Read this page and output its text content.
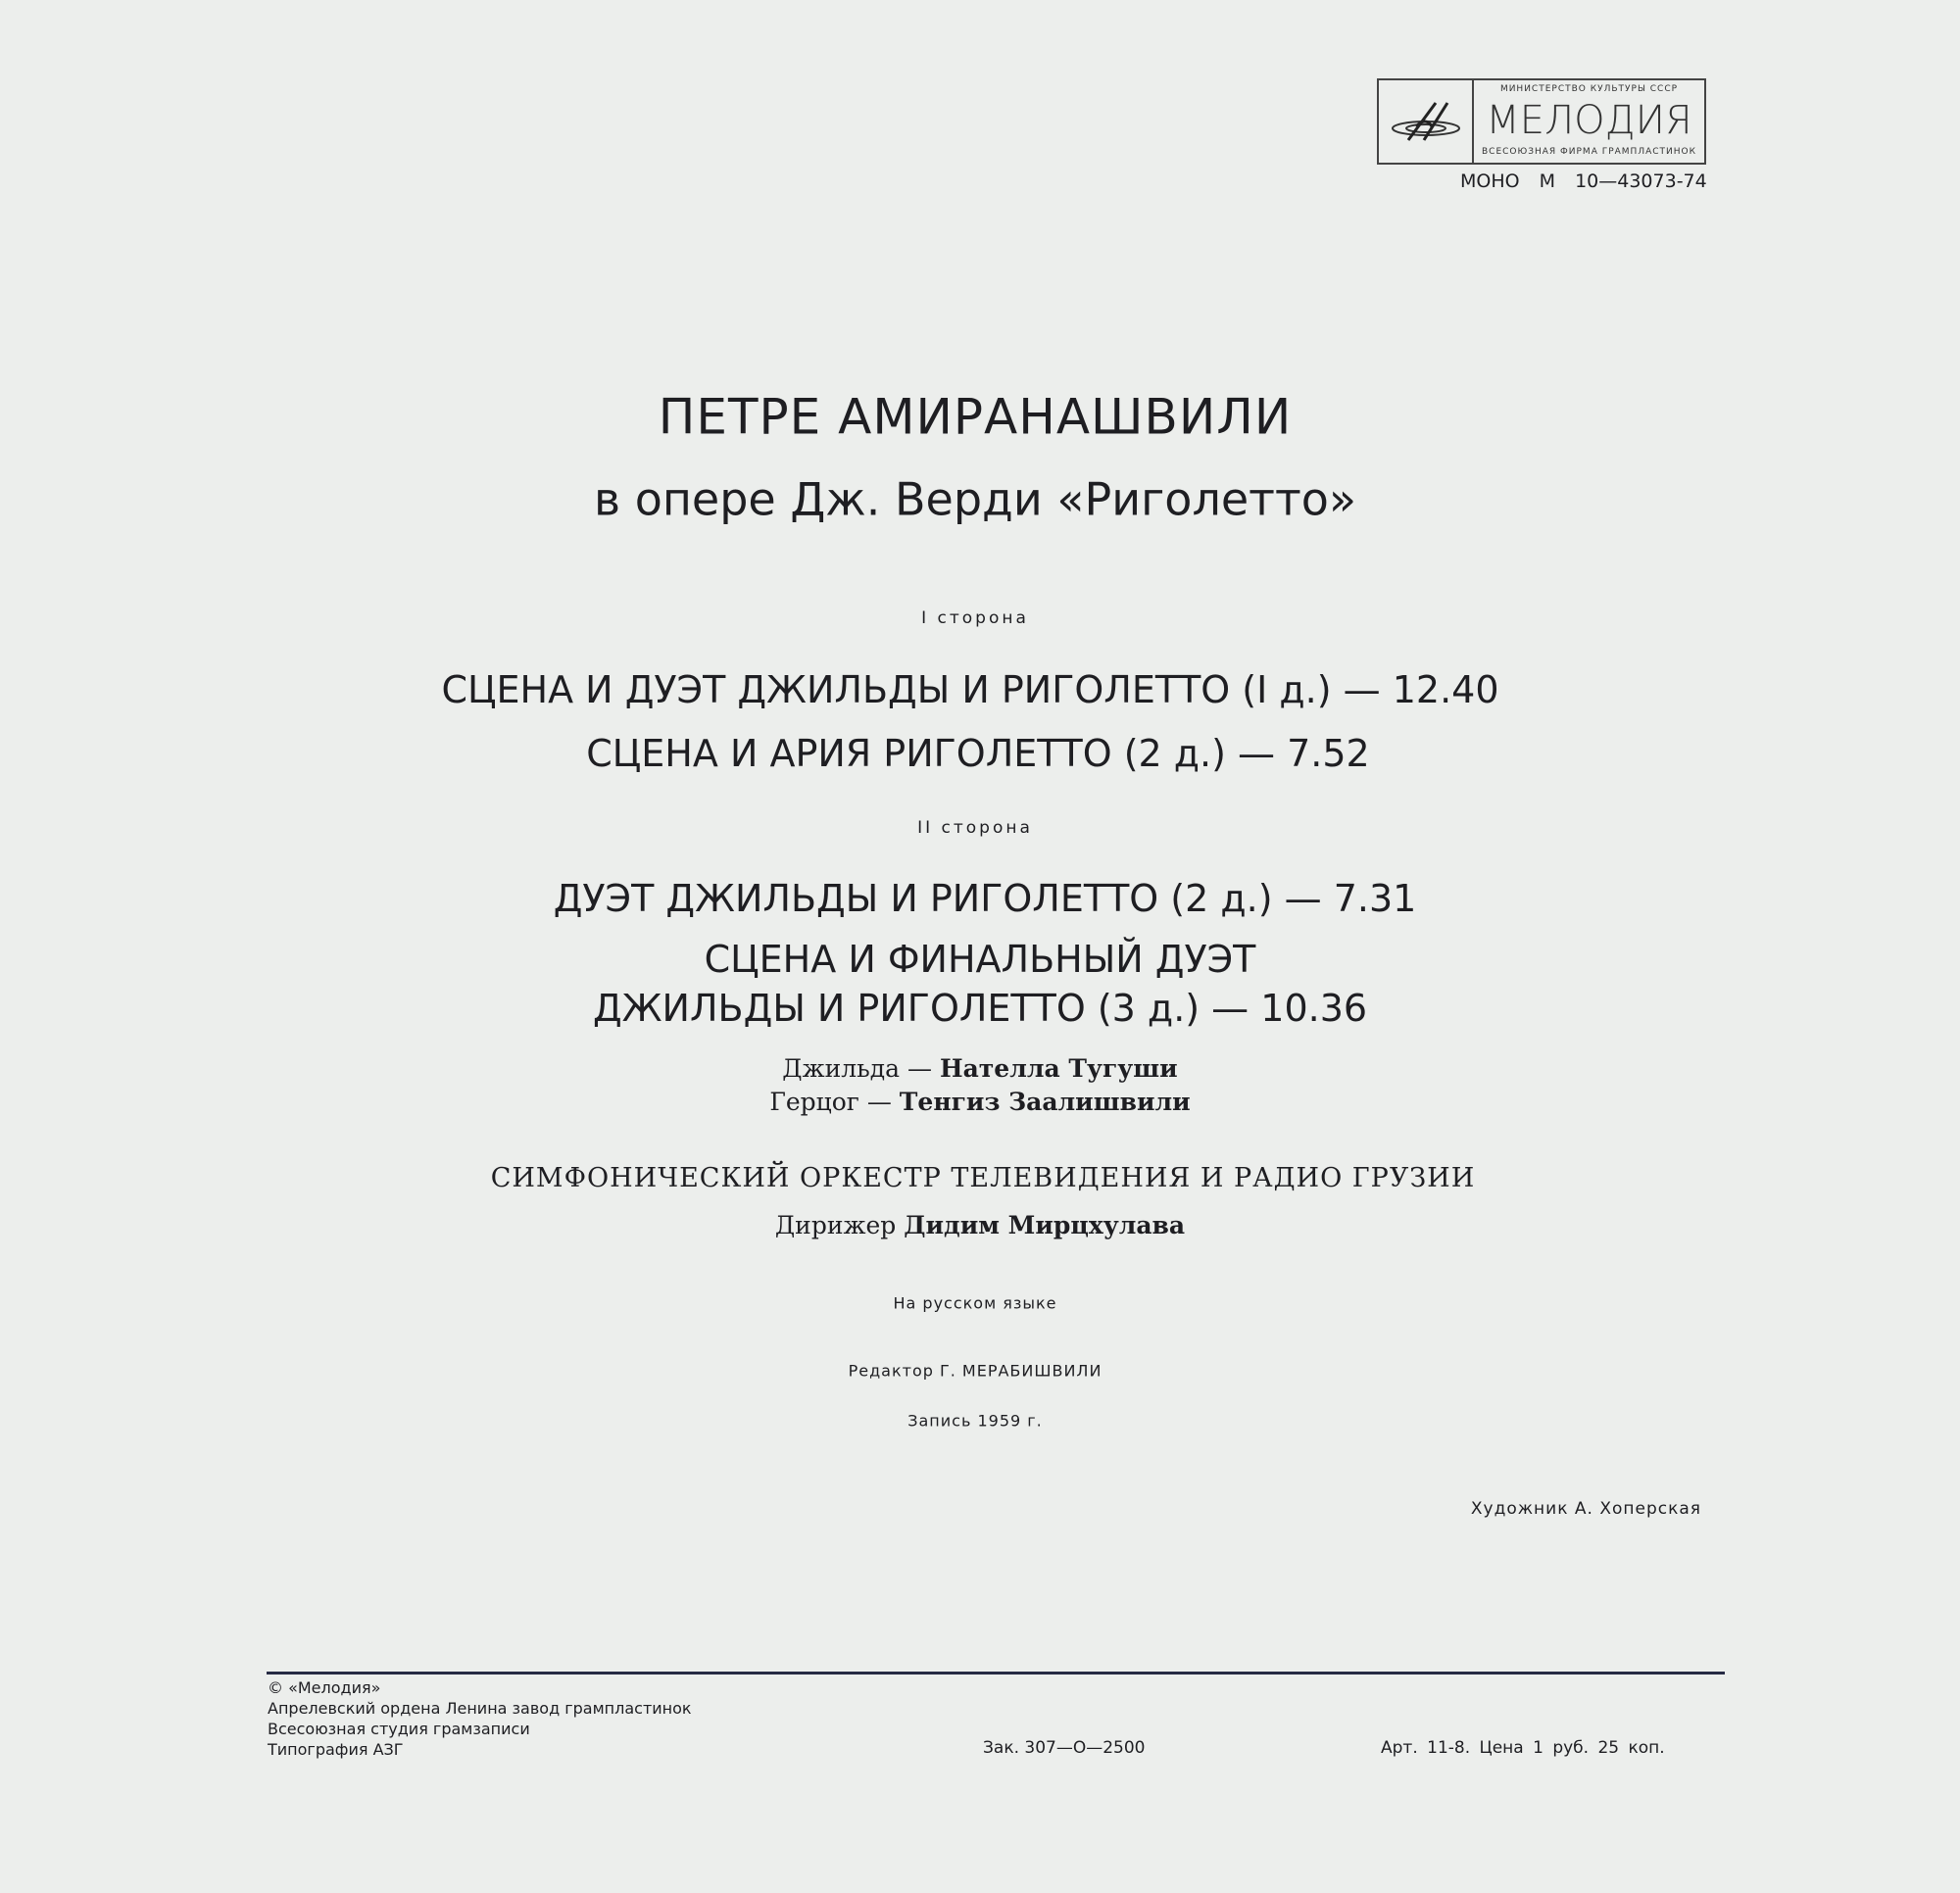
МИНИСТЕРСТВО КУЛЬТУРЫ СССР
МЕЛОДИЯ
ВСЕСОЮЗНАЯ ФИРМА ГРАМПЛАСТИНОК
МОНО М 10—43073-74
ПЕТРЕ АМИРАНАШВИЛИ
в опере Дж. Верди «Риголетто»
I сторона
СЦЕНА И ДУЭТ ДЖИЛЬДЫ И РИГОЛЕТТО (I д.) — 12.40
СЦЕНА И АРИЯ РИГОЛЕТТО (2 д.) — 7.52
II сторона
ДУЭТ ДЖИЛЬДЫ И РИГОЛЕТТО (2 д.) — 7.31
СЦЕНА И ФИНАЛЬНЫЙ ДУЭТ
ДЖИЛЬДЫ И РИГОЛЕТТО (3 д.) — 10.36
Джильда — Нателла Тугуши
Герцог — Тенгиз Заалишвили
СИМФОНИЧЕСКИЙ ОРКЕСТР ТЕЛЕВИДЕНИЯ И РАДИО ГРУЗИИ
Дирижер Дидим Мирцхулава
На русском языке
Редактор Г. МЕРАБИШВИЛИ
Запись 1959 г.
Художник А. Хоперская
© «Мелодия»
Апрелевский ордена Ленина завод грампластинок
Всесоюзная студия грамзаписи
Типография АЗГ	Зак. 307—О—2500	Арт. 11-8. Цена 1 руб. 25 коп.
